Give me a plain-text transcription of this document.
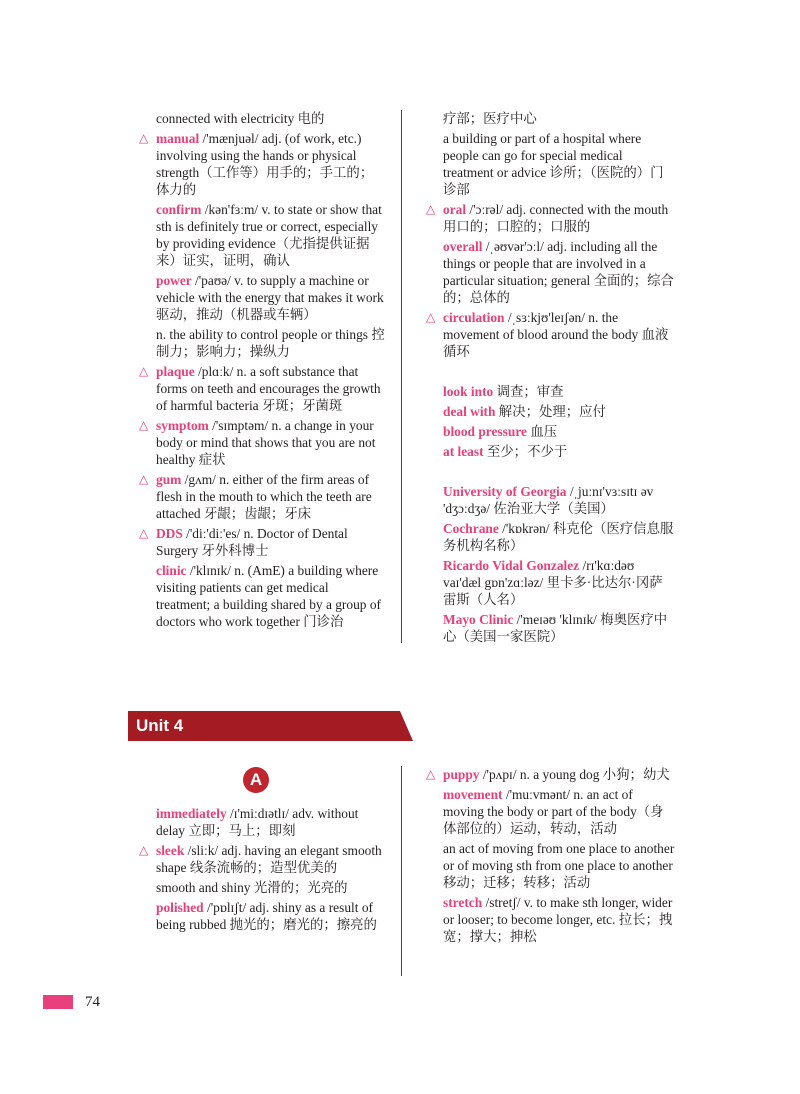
connected with electricity 电的
△ manual /'mænjuəl/ adj. (of work, etc.) involving using the hands or physical strength（工作等）用手的；手工的；体力的
confirm /kən'fɜːm/ v. to state or show that sth is definitely true or correct, especially by providing evidence（尤指提供证据来）证实，证明，确认
power /'paʊə/ v. to supply a machine or vehicle with the energy that makes it work 驱动，推动（机器或车辆）
n. the ability to control people or things 控制力；影响力；操纵力
△ plaque /plɑːk/ n. a soft substance that forms on teeth and encourages the growth of harmful bacteria 牙斑；牙菌斑
△ symptom /'sɪmptəm/ n. a change in your body or mind that shows that you are not healthy 症状
△ gum /gʌm/ n. either of the firm areas of flesh in the mouth to which the teeth are attached 牙龈；齿龈；牙床
△ DDS /'diː'diː'es/ n. Doctor of Dental Surgery 牙外科博士
clinic /'klɪnɪk/ n. (AmE) a building where visiting patients can get medical treatment; a building shared by a group of doctors who work together 门诊治
疗部；医疗中心
a building or part of a hospital where people can go for special medical treatment or advice 诊所；（医院的）门诊部
△ oral /'ɔːrəl/ adj. connected with the mouth 用口的；口腔的；口服的
overall /ˌəʊvər'ɔːl/ adj. including all the things or people that are involved in a particular situation; general 全面的；综合的；总体的
△ circulation /ˌsɜːkjʊ'leɪʃən/ n. the movement of blood around the body 血液循环
look into 调查；审查
deal with 解决；处理；应付
blood pressure 血压
at least 至少；不少于
University of Georgia /ˌjuːnɪ'vɜːsɪtɪ əv 'dʒɔːdʒə/ 佐治亚大学（美国）
Cochrane /'kɒkrən/ 科克伦（医疗信息服务机构名称）
Ricardo Vidal Gonzalez /rɪ'kɑːdəʊ vaɪ'dæl gɒn'zɑːləz/ 里卡多·比达尔·冈萨雷斯（人名）
Mayo Clinic /'meɪəʊ 'klɪnɪk/ 梅奥医疗中心（美国一家医院）
Unit 4
A
immediately /ɪ'miːdɪətlɪ/ adv. without delay 立即；马上；即刻
△ sleek /sliːk/ adj. having an elegant smooth shape 线条流畅的；造型优美的
smooth and shiny 光滑的；光亮的
polished /'pɒlɪʃt/ adj. shiny as a result of being rubbed 抛光的；磨光的；擦亮的
△ puppy /'pʌpɪ/ n. a young dog 小狗；幼犬
movement /'muːvmənt/ n. an act of moving the body or part of the body（身体部位的）运动，转动，活动
an act of moving from one place to another or of moving sth from one place to another 移动；迁移；转移；活动
stretch /stretʃ/ v. to make sth longer, wider or looser; to become longer, etc. 拉长；拽宽；撑大；抻松
74
